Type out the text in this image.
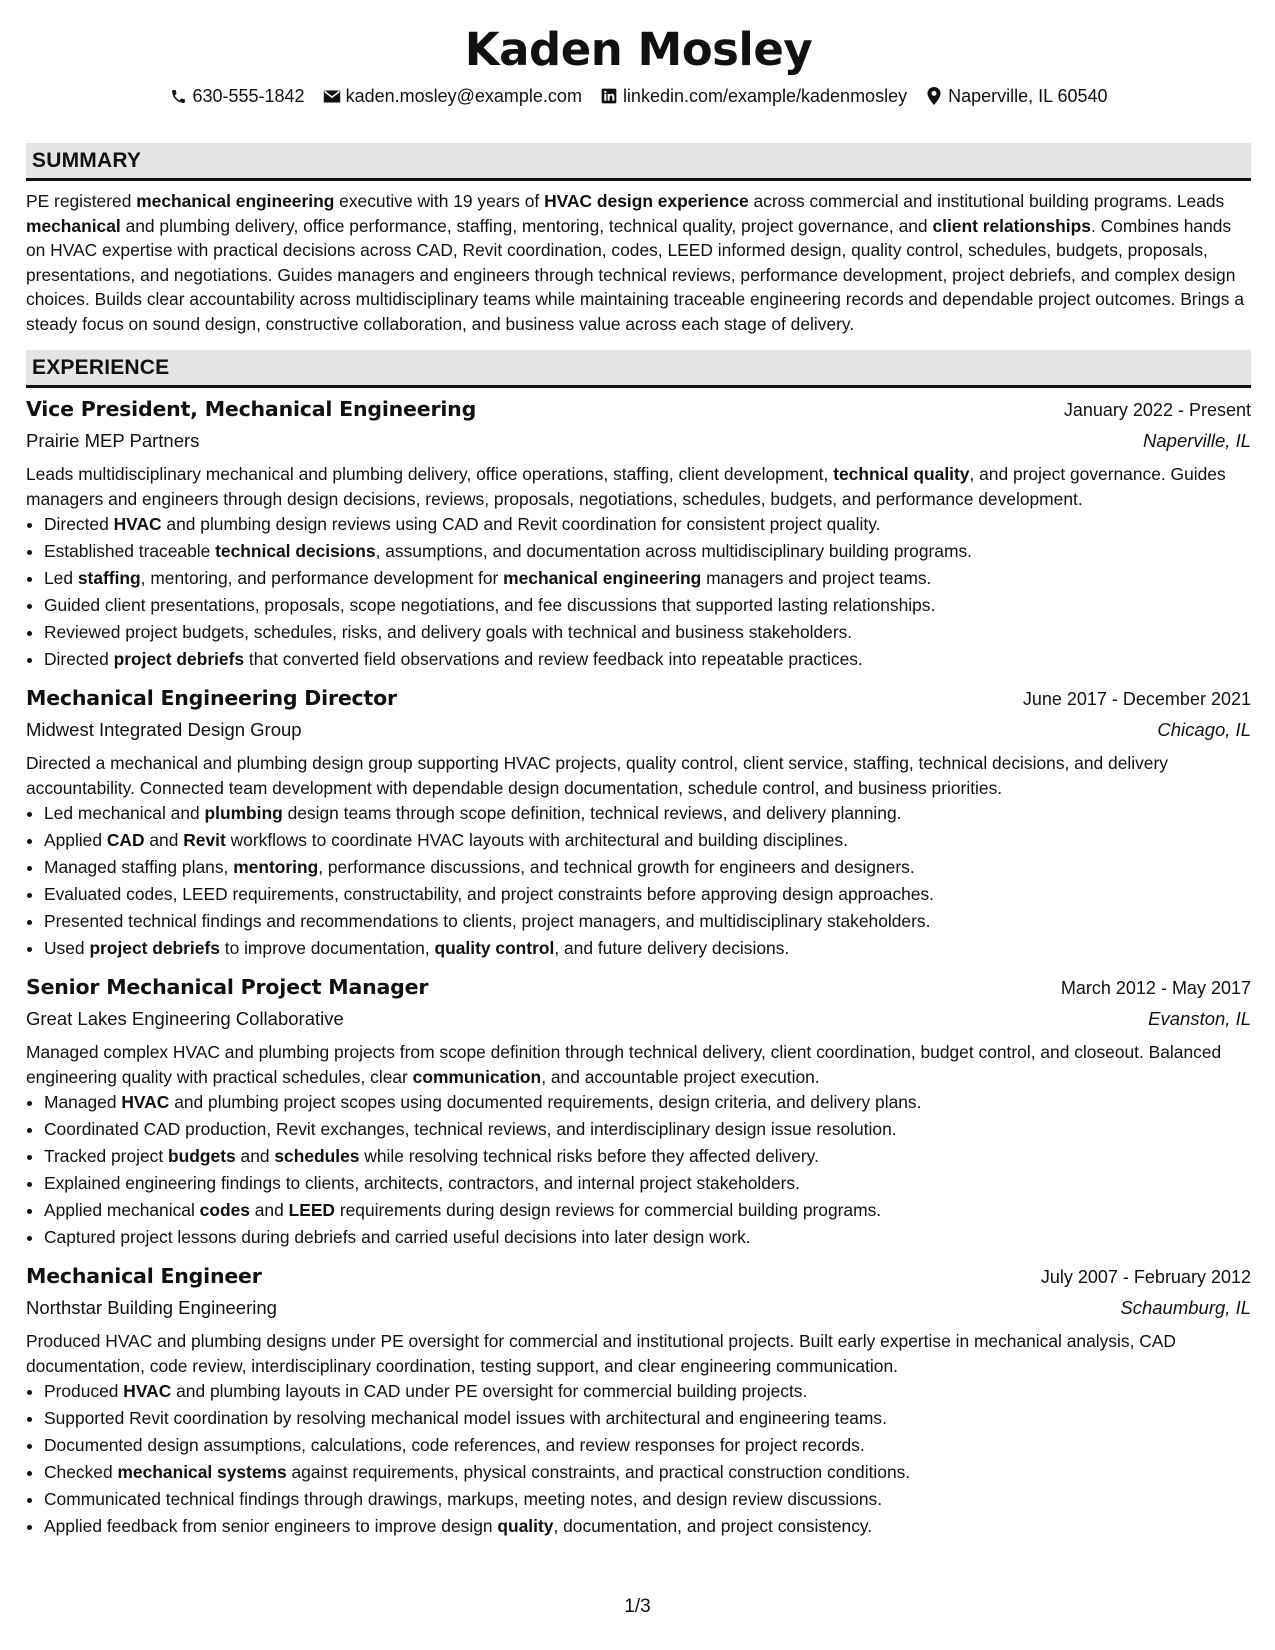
Kaden Mosley
630-555-1842 kaden.mosley@example.com linkedin.com/example/kadenmosley Naperville, IL 60540
SUMMARY
PE registered mechanical engineering executive with 19 years of HVAC design experience across commercial and institutional building programs. Leads mechanical and plumbing delivery, office performance, staffing, mentoring, technical quality, project governance, and client relationships. Combines hands on HVAC expertise with practical decisions across CAD, Revit coordination, codes, LEED informed design, quality control, schedules, budgets, proposals, presentations, and negotiations. Guides managers and engineers through technical reviews, performance development, project debriefs, and complex design choices. Builds clear accountability across multidisciplinary teams while maintaining traceable engineering records and dependable project outcomes. Brings a steady focus on sound design, constructive collaboration, and business value across each stage of delivery.
EXPERIENCE
Vice President, Mechanical Engineering	January 2022 - Present
Prairie MEP Partners	Naperville, IL
Leads multidisciplinary mechanical and plumbing delivery, office operations, staffing, client development, technical quality, and project governance. Guides managers and engineers through design decisions, reviews, proposals, negotiations, schedules, budgets, and performance development.
• Directed HVAC and plumbing design reviews using CAD and Revit coordination for consistent project quality.
• Established traceable technical decisions, assumptions, and documentation across multidisciplinary building programs.
• Led staffing, mentoring, and performance development for mechanical engineering managers and project teams.
• Guided client presentations, proposals, scope negotiations, and fee discussions that supported lasting relationships.
• Reviewed project budgets, schedules, risks, and delivery goals with technical and business stakeholders.
• Directed project debriefs that converted field observations and review feedback into repeatable practices.
Mechanical Engineering Director	June 2017 - December 2021
Midwest Integrated Design Group	Chicago, IL
Directed a mechanical and plumbing design group supporting HVAC projects, quality control, client service, staffing, technical decisions, and delivery accountability. Connected team development with dependable design documentation, schedule control, and business priorities.
• Led mechanical and plumbing design teams through scope definition, technical reviews, and delivery planning.
• Applied CAD and Revit workflows to coordinate HVAC layouts with architectural and building disciplines.
• Managed staffing plans, mentoring, performance discussions, and technical growth for engineers and designers.
• Evaluated codes, LEED requirements, constructability, and project constraints before approving design approaches.
• Presented technical findings and recommendations to clients, project managers, and multidisciplinary stakeholders.
• Used project debriefs to improve documentation, quality control, and future delivery decisions.
Senior Mechanical Project Manager	March 2012 - May 2017
Great Lakes Engineering Collaborative	Evanston, IL
Managed complex HVAC and plumbing projects from scope definition through technical delivery, client coordination, budget control, and closeout. Balanced engineering quality with practical schedules, clear communication, and accountable project execution.
• Managed HVAC and plumbing project scopes using documented requirements, design criteria, and delivery plans.
• Coordinated CAD production, Revit exchanges, technical reviews, and interdisciplinary design issue resolution.
• Tracked project budgets and schedules while resolving technical risks before they affected delivery.
• Explained engineering findings to clients, architects, contractors, and internal project stakeholders.
• Applied mechanical codes and LEED requirements during design reviews for commercial building programs.
• Captured project lessons during debriefs and carried useful decisions into later design work.
Mechanical Engineer	July 2007 - February 2012
Northstar Building Engineering	Schaumburg, IL
Produced HVAC and plumbing designs under PE oversight for commercial and institutional projects. Built early expertise in mechanical analysis, CAD documentation, code review, interdisciplinary coordination, testing support, and clear engineering communication.
• Produced HVAC and plumbing layouts in CAD under PE oversight for commercial building projects.
• Supported Revit coordination by resolving mechanical model issues with architectural and engineering teams.
• Documented design assumptions, calculations, code references, and review responses for project records.
• Checked mechanical systems against requirements, physical constraints, and practical construction conditions.
• Communicated technical findings through drawings, markups, meeting notes, and design review discussions.
• Applied feedback from senior engineers to improve design quality, documentation, and project consistency.
1/3
